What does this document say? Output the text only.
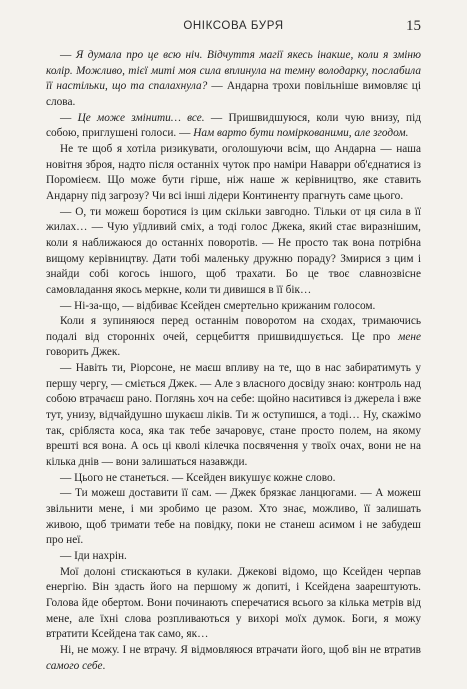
ОНІКСОВА БУРЯ	15

— Я думала про це всю ніч. Відчуття магії якесь інакше, коли я зміню колір. Можливо, тієї миті моя сила вплинула на темну володарку, послабила її настільки, що та спалахнула? — Андарна трохи повільніше вимовляє ці слова.

— Це може змінити… все. — Пришвидшуюся, коли чую внизу, під собою, приглушені голоси. — Нам варто бути поміркованими, але згодом.

Не те щоб я хотіла ризикувати, оголошуючи всім, що Андарна — наша новітня зброя, надто після останніх чуток про наміри Наварри об'єднатися із Пороміеєм. Що може бути гірше, ніж наше ж керівництво, яке ставить Андарну під загрозу? Чи всі інші лідери Континенту прагнуть саме цього.

— О, ти можеш боротися із цим скільки завгодно. Тільки от ця сила в її жилах… — Чую уїдливий сміх, а тоді голос Джека, який стає виразнішим, коли я наближаюся до останніх поворотів. — Не просто так вона потрібна вищому керівництву. Дати тобі маленьку дружню пораду? Змирися з цим і знайди собі когось іншого, щоб трахати. Бо це твоє славнозвісне самовладання якось меркне, коли ти дивишся в її бік…

— Ні-за-що, — відбиває Ксейден смертельно крижаним голосом.

Коли я зупиняюся перед останнім поворотом на сходах, тримаючись подалі від сторонніх очей, серцебиття пришвидшується. Це про мене говорить Джек.

— Навіть ти, Ріорсоне, не маєш впливу на те, що в нас забиратимуть у першу чергу, — сміється Джек. — Але з власного досвіду знаю: контроль над собою втрачаєш рано. Поглянь хоч на себе: щойно наситився із джерела і вже тут, унизу, відчайдушно шукаєш ліків. Ти ж оступишся, а тоді… Ну, скажімо так, срібляста коса, яка так тебе зачаровує, стане просто полем, на якому врешті вся вона. А ось ці кволі кілечка посвячення у твоїх очах, вони не на кілька днів — вони залишаться назавжди.

— Цього не станеться. — Ксейден викушує кожне слово.

— Ти можеш доставити її сам. — Джек брязкає ланцюгами. — А можеш звільнити мене, і ми зробимо це разом. Хто знає, можливо, її залишать живою, щоб тримати тебе на повідку, поки не станеш асимом і не забудеш про неї.

— Іди нахрін.

Мої долоні стискаються в кулаки. Джекові відомо, що Ксейден черпав енергію. Він здасть його на першому ж допиті, і Ксейдена заарештують. Голова йде обертом. Вони починають сперечатися всього за кілька метрів від мене, але їхні слова розпливаються у вихорі моїх думок. Боги, я можу втратити Ксейдена так само, як…

Ні, не можу. І не втрачу. Я відмовляюся втрачати його, щоб він не втратив самого себе.
